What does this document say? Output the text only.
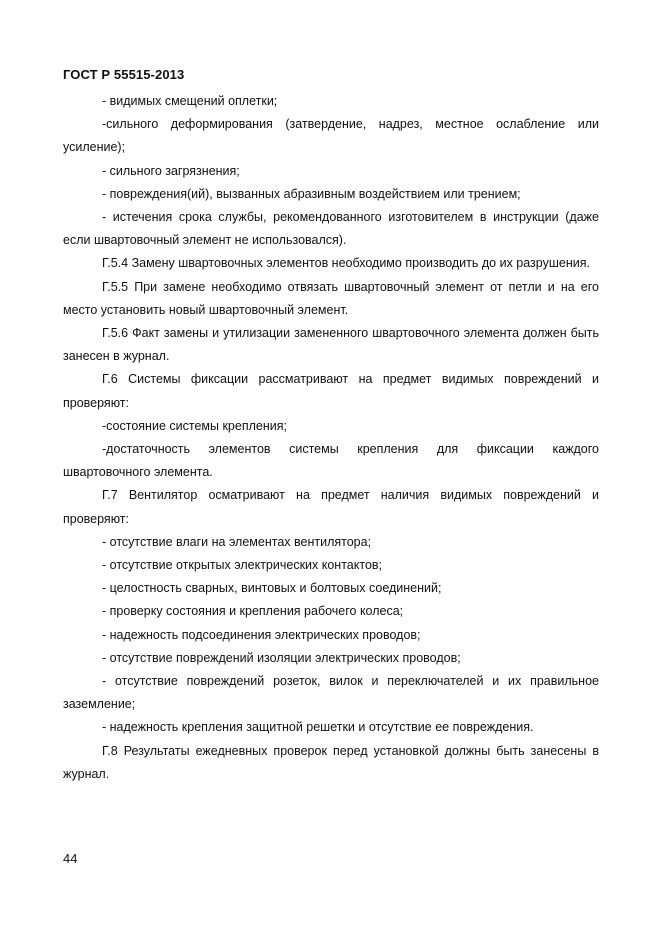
ГОСТ Р 55515-2013

- видимых смещений оплетки;

-сильного деформирования (затвердение, надрез, местное ослабление или усиление);

- сильного загрязнения;

- повреждения(ий), вызванных абразивным воздействием или трением;

- истечения срока службы, рекомендованного изготовителем в инструкции (даже если швартовочный элемент не использовался).

Г.5.4 Замену швартовочных элементов необходимо производить до их разрушения.

Г.5.5 При замене необходимо отвязать швартовочный элемент от петли и на его место установить новый швартовочный элемент.

Г.5.6 Факт замены и утилизации замененного швартовочного элемента должен быть занесен в журнал.

Г.6 Системы фиксации рассматривают на предмет видимых повреждений и проверяют:

-состояние системы крепления;

-достаточность элементов системы крепления для фиксации каждого швартовочного элемента.

Г.7 Вентилятор осматривают на предмет наличия видимых повреждений и проверяют:

- отсутствие влаги на элементах вентилятора;

- отсутствие открытых электрических контактов;

- целостность сварных, винтовых и болтовых соединений;

- проверку состояния и крепления рабочего колеса;

- надежность подсоединения электрических проводов;

- отсутствие повреждений изоляции электрических проводов;

- отсутствие повреждений розеток, вилок и переключателей и их правильное заземление;

- надежность крепления защитной решетки и отсутствие ее повреждения.

Г.8 Результаты ежедневных проверок перед установкой должны быть занесены в журнал.

44
